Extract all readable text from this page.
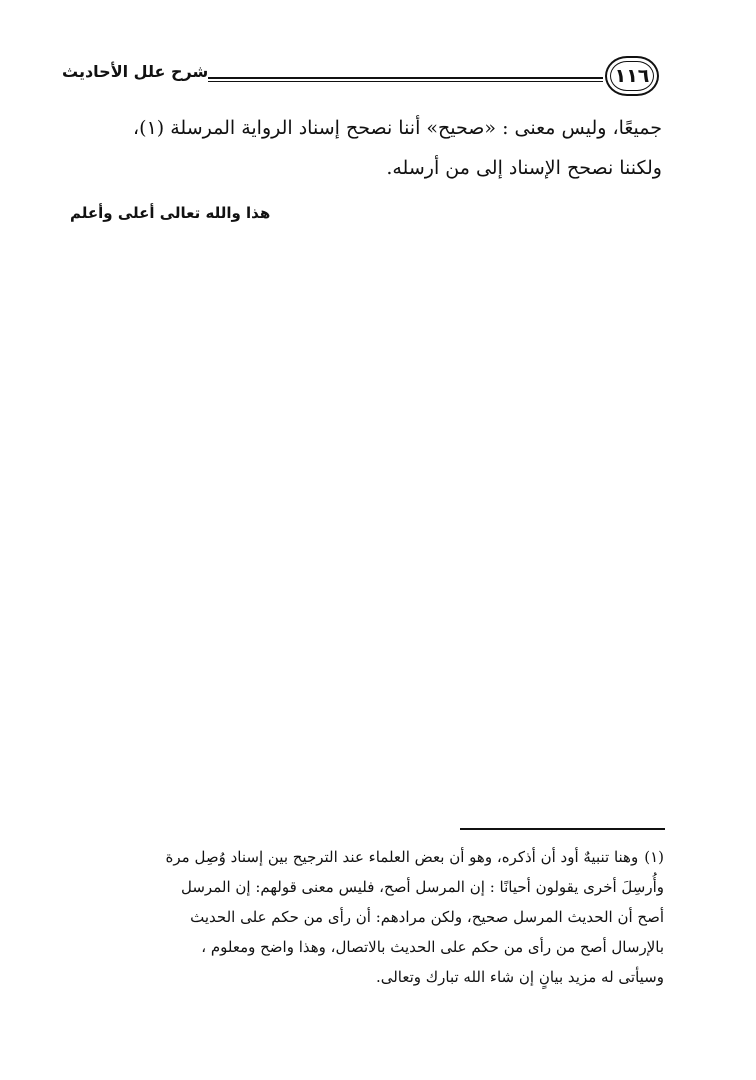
شرح علل الأحاديث	١١٦
جميعًا، وليس معنى : «صحيح» أننا نصحح إسناد الرواية المرسلة (١)،
ولكننا نصحح الإسناد إلى من أرسله.
هذا والله تعالى أعلى وأعلم
(١)وهنا تنبيهٌ أود أن أذكره، وهو أن بعض العلماء عند الترجيح بين إسناد وُصِل مرة
وأُرسِلَ أخرى يقولون أحيانًا : إن المرسل أصح، فليس معنى قولهم: إن المرسل
أصح أن الحديث المرسل صحيح، ولكن مرادهم: أن رأى من حكم على الحديث
بالإرسال أصح من رأى من حكم على الحديث بالاتصال، وهذا واضح ومعلوم ،
وسيأتى له مزيد بيانٍ إن شاء الله تبارك وتعالى.
